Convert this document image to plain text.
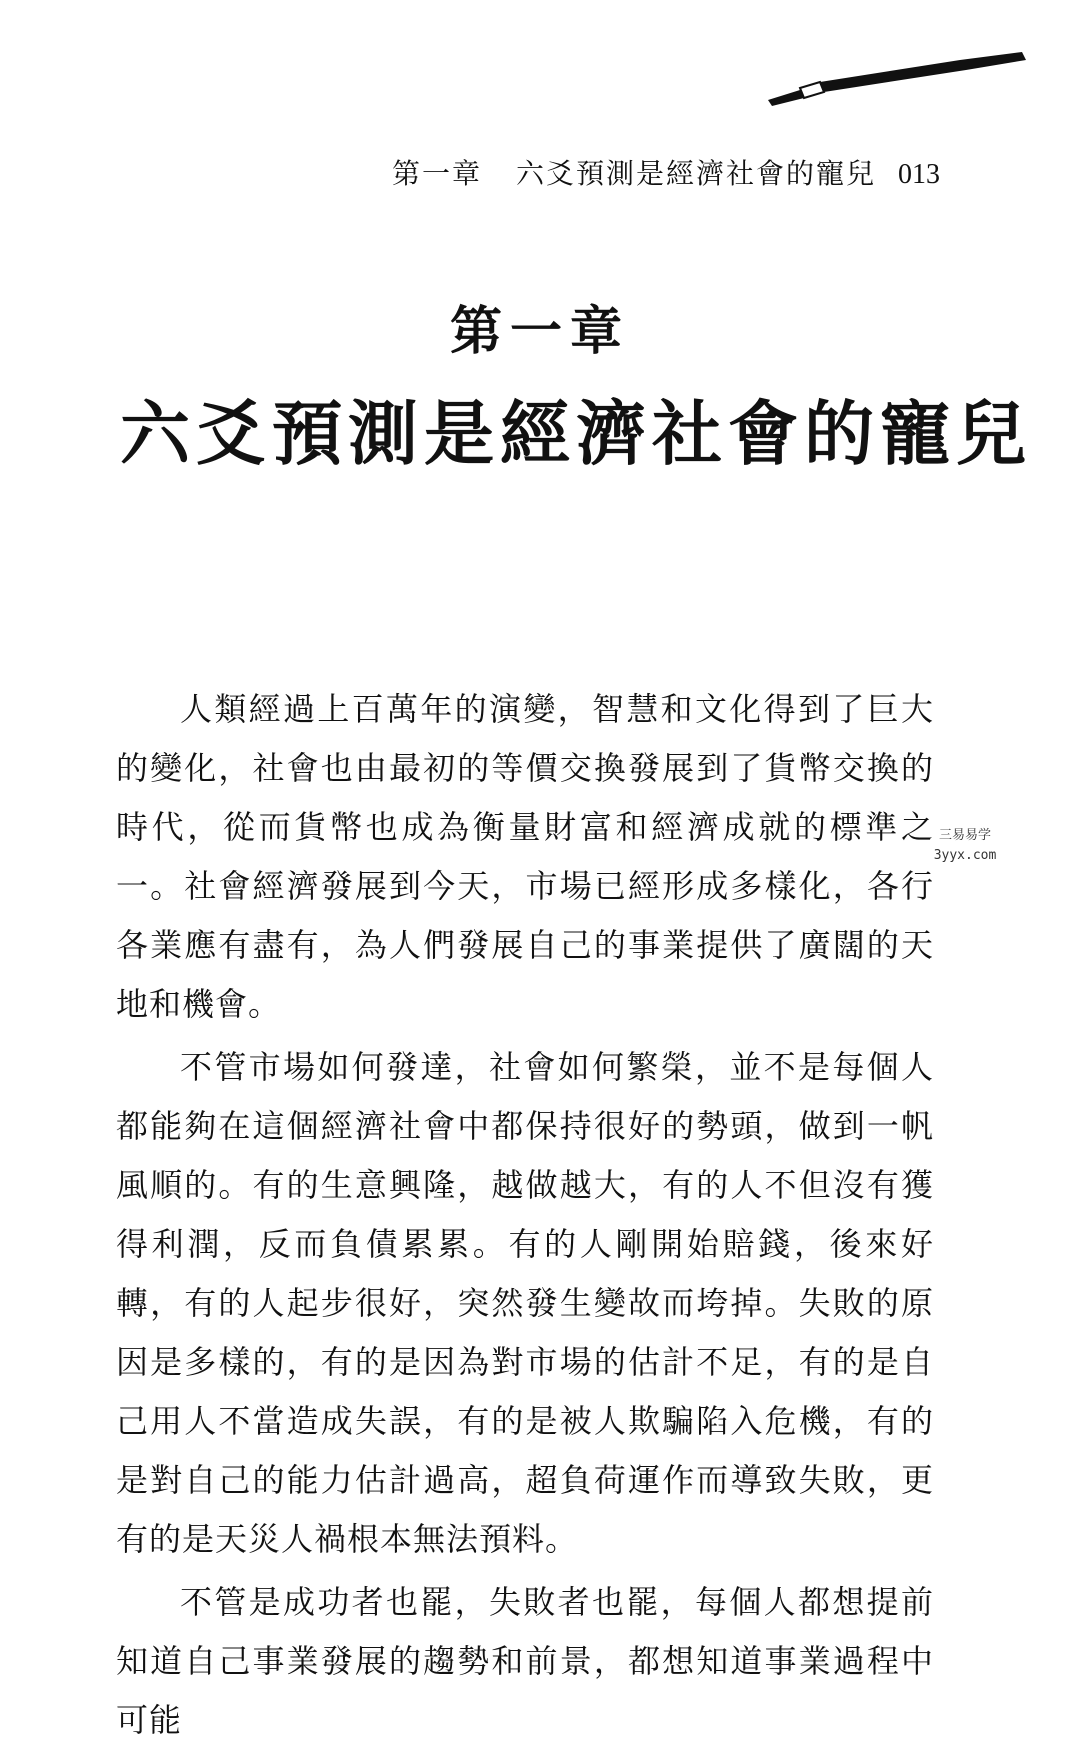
第一章 六爻預測是經濟社會的寵兒 013
第一章
六爻預測是經濟社會的寵兒

人類經過上百萬年的演變，智慧和文化得到了巨大的變化，社會也由最初的等價交換發展到了貨幣交換的時代，從而貨幣也成為衡量財富和經濟成就的標準之一。社會經濟發展到今天，市場已經形成多樣化，各行各業應有盡有，為人們發展自己的事業提供了廣闊的天地和機會。

不管市場如何發達，社會如何繁榮，並不是每個人都能夠在這個經濟社會中都保持很好的勢頭，做到一帆風順的。有的生意興隆，越做越大，有的人不但沒有獲得利潤，反而負債累累。有的人剛開始賠錢，後來好轉，有的人起步很好，突然發生變故而垮掉。失敗的原因是多樣的，有的是因為對市場的估計不足，有的是自己用人不當造成失誤，有的是被人欺騙陷入危機，有的是對自己的能力估計過高，超負荷運作而導致失敗，更有的是天災人禍根本無法預料。

不管是成功者也罷，失敗者也罷，每個人都想提前知道自己事業發展的趨勢和前景，都想知道事業過程中可能

三易易学
3yyx.com
